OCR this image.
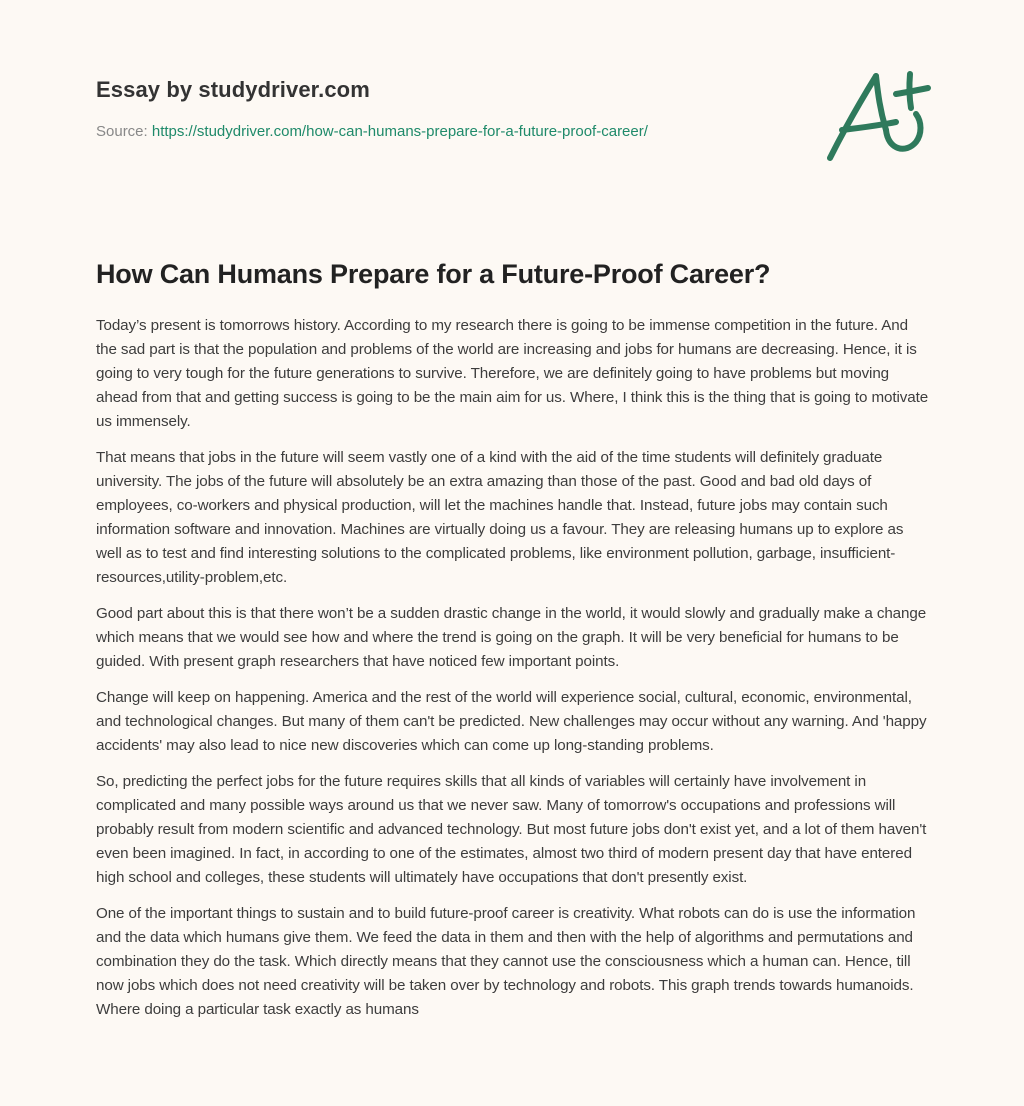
Essay by studydriver.com
Source: https://studydriver.com/how-can-humans-prepare-for-a-future-proof-career/
How Can Humans Prepare for a Future-Proof Career?

Today’s present is tomorrows history. According to my research there is going to be immense competition in the future. And the sad part is that the population and problems of the world are increasing and jobs for humans are decreasing. Hence, it is going to very tough for the future generations to survive. Therefore, we are definitely going to have problems but moving ahead from that and getting success is going to be the main aim for us. Where, I think this is the thing that is going to motivate us immensely.

That means that jobs in the future will seem vastly one of a kind with the aid of the time students will definitely graduate university. The jobs of the future will absolutely be an extra amazing than those of the past. Good and bad old days of employees, co-workers and physical production, will let the machines handle that. Instead, future jobs may contain such information software and innovation. Machines are virtually doing us a favour. They are releasing humans up to explore as well as to test and find interesting solutions to the complicated problems, like environment pollution, garbage, insufficient-resources,utility-problem,etc.

Good part about this is that there won’t be a sudden drastic change in the world, it would slowly and gradually make a change which means that we would see how and where the trend is going on the graph. It will be very beneficial for humans to be guided. With present graph researchers that have noticed few important points.

Change will keep on happening. America and the rest of the world will experience social, cultural, economic, environmental, and technological changes. But many of them can't be predicted. New challenges may occur without any warning. And 'happy accidents' may also lead to nice new discoveries which can come up long-standing problems.

So, predicting the perfect jobs for the future requires skills that all kinds of variables will certainly have involvement in complicated and many possible ways around us that we never saw. Many of tomorrow's occupations and professions will probably result from modern scientific and advanced technology. But most future jobs don't exist yet, and a lot of them haven't even been imagined. In fact, in according to one of the estimates, almost two third of modern present day that have entered high school and colleges, these students will ultimately have occupations that don't presently exist.

One of the important things to sustain and to build future-proof career is creativity. What robots can do is use the information and the data which humans give them. We feed the data in them and then with the help of algorithms and permutations and combination they do the task. Which directly means that they cannot use the consciousness which a human can. Hence, till now jobs which does not need creativity will be taken over by technology and robots. This graph trends towards humanoids. Where doing a particular task exactly as humans
